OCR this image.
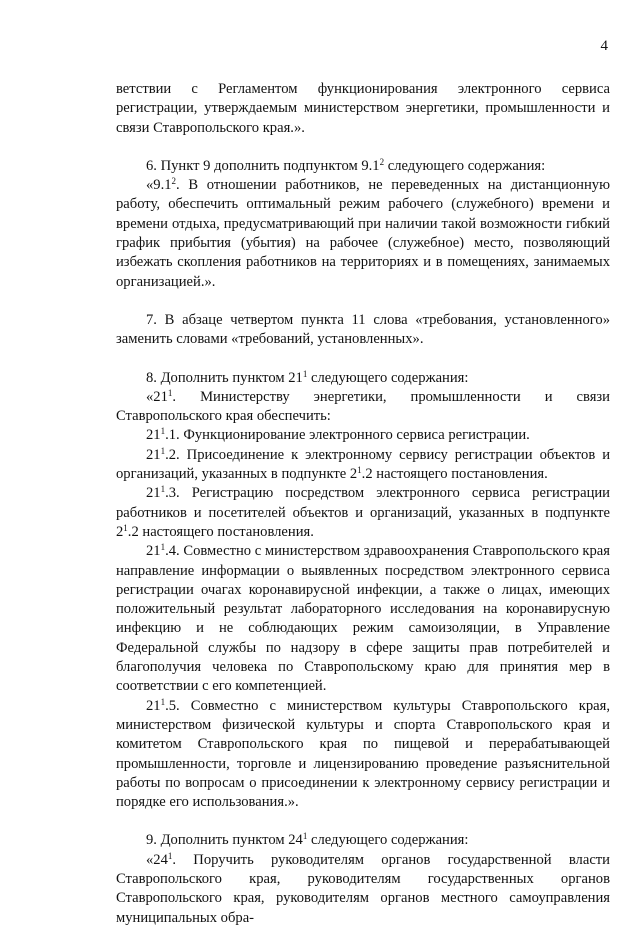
4

ветствии с Регламентом функционирования электронного сервиса регистрации, утверждаемым министерством энергетики, промышленности и связи Ставропольского края.».

6. Пункт 9 дополнить подпунктом $9.1^2$ следующего содержания:

«$9.1^2$. В отношении работников, не переведенных на дистанционную работу, обеспечить оптимальный режим рабочего (служебного) времени и времени отдыха, предусматривающий при наличии такой возможности гибкий график прибытия (убытия) на рабочее (служебное) место, позволяющий избежать скопления работников на территориях и в помещениях, занимаемых организацией.».

7. В абзаце четвертом пункта 11 слова «требования, установленного» заменить словами «требований, установленных».

8. Дополнить пунктом $21^1$ следующего содержания:

«$21^1$. Министерству энергетики, промышленности и связи Ставропольского края обеспечить:

$21^1.1$. Функционирование электронного сервиса регистрации.

$21^1.2$. Присоединение к электронному сервису регистрации объектов и организаций, указанных в подпункте $2^1.2$ настоящего постановления.

$21^1.3$. Регистрацию посредством электронного сервиса регистрации работников и посетителей объектов и организаций, указанных в подпункте $2^1.2$ настоящего постановления.

$21^1.4$. Совместно с министерством здравоохранения Ставропольского края направление информации о выявленных посредством электронного сервиса регистрации очагах коронавирусной инфекции, а также о лицах, имеющих положительный результат лабораторного исследования на коронавирусную инфекцию и не соблюдающих режим самоизоляции, в Управление Федеральной службы по надзору в сфере защиты прав потребителей и благополучия человека по Ставропольскому краю для принятия мер в соответствии с его компетенцией.

$21^1.5$. Совместно с министерством культуры Ставропольского края, министерством физической культуры и спорта Ставропольского края и комитетом Ставропольского края по пищевой и перерабатывающей промышленности, торговле и лицензированию проведение разъяснительной работы по вопросам о присоединении к электронному сервису регистрации и порядке его использования.».

9. Дополнить пунктом $24^1$ следующего содержания:

«$24^1$. Поручить руководителям органов государственной власти Ставропольского края, руководителям государственных органов Ставропольского края, руководителям органов местного самоуправления муниципальных обра-
